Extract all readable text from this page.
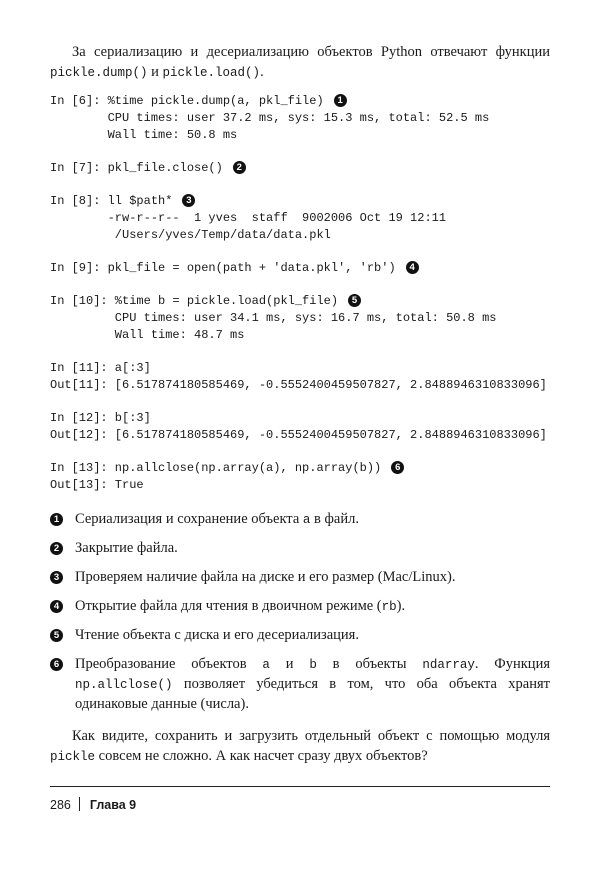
За сериализацию и десериализацию объектов Python отвечают функции pickle.dump() и pickle.load().

In [6]: %time pickle.dump(a, pkl_file) 1
CPU times: user 37.2 ms, sys: 15.3 ms, total: 52.5 ms
Wall time: 50.8 ms
In [7]: pkl_file.close() 2
In [8]: ll $path* 3
-rw-r--r--  1 yves  staff  9002006 Oct 19 12:11
/Users/yves/Temp/data/data.pkl
In [9]: pkl_file = open(path + 'data.pkl', 'rb') 4
In [10]: %time b = pickle.load(pkl_file) 5
CPU times: user 34.1 ms, sys: 16.7 ms, total: 50.8 ms
Wall time: 48.7 ms
In [11]: a[:3]
Out[11]: [6.517874180585469, -0.5552400459507827, 2.8488946310833096]
In [12]: b[:3]
Out[12]: [6.517874180585469, -0.5552400459507827, 2.8488946310833096]
In [13]: np.allclose(np.array(a), np.array(b)) 6
Out[13]: True
1 Сериализация и сохранение объекта a в файл.
2 Закрытие файла.
3 Проверяем наличие файла на диске и его размер (Mac/Linux).
4 Открытие файла для чтения в двоичном режиме (rb).
5 Чтение объекта с диска и его десериализация.
6 Преобразование объектов a и b в объекты ndarray. Функция np.allclose() позволяет убедиться в том, что оба объекта хранят одинаковые данные (числа).

Как видите, сохранить и загрузить отдельный объект с помощью модуля pickle совсем не сложно. А как насчет сразу двух объектов?

286 Глава 9
